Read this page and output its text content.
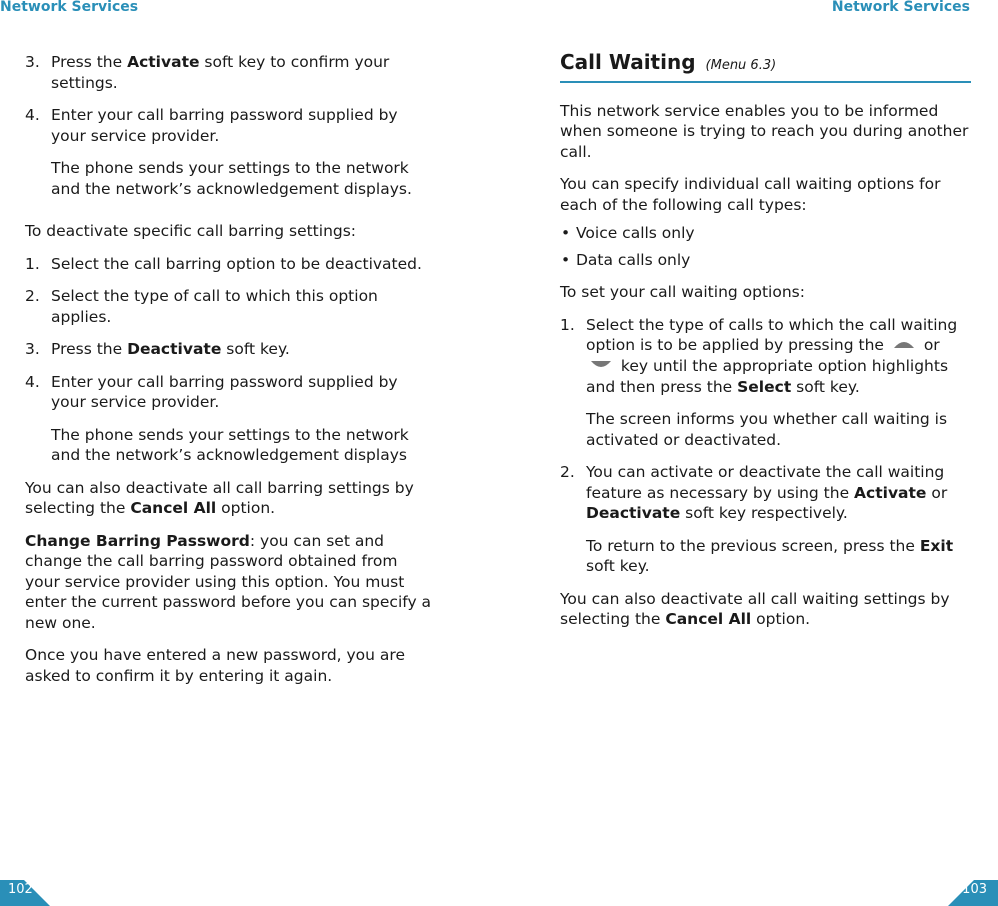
Network Services
3. Press the Activate soft key to confirm your settings.
4. Enter your call barring password supplied by your service provider.

The phone sends your settings to the network and the network’s acknowledgement displays.

To deactivate specific call barring settings:

1. Select the call barring option to be deactivated.
2. Select the type of call to which this option applies.
3. Press the Deactivate soft key.
4. Enter your call barring password supplied by your service provider.

The phone sends your settings to the network and the network’s acknowledgement displays

You can also deactivate all call barring settings by selecting the Cancel All option.

Change Barring Password: you can set and change the call barring password obtained from your service provider using this option. You must enter the current password before you can specify a new one.

Once you have entered a new password, you are asked to confirm it by entering it again.

102
Network Services
Call Waiting (Menu 6.3)

This network service enables you to be informed when someone is trying to reach you during another call.

You can specify individual call waiting options for each of the following call types:

• Voice calls only
• Data calls only

To set your call waiting options:

1. Select the type of calls to which the call waiting option is to be applied by pressing the  or  key until the appropriate option highlights and then press the Select soft key.

The screen informs you whether call waiting is activated or deactivated.

2. You can activate or deactivate the call waiting feature as necessary by using the Activate or Deactivate soft key respectively.

To return to the previous screen, press the Exit soft key.

You can also deactivate all call waiting settings by selecting the Cancel All option.

103
